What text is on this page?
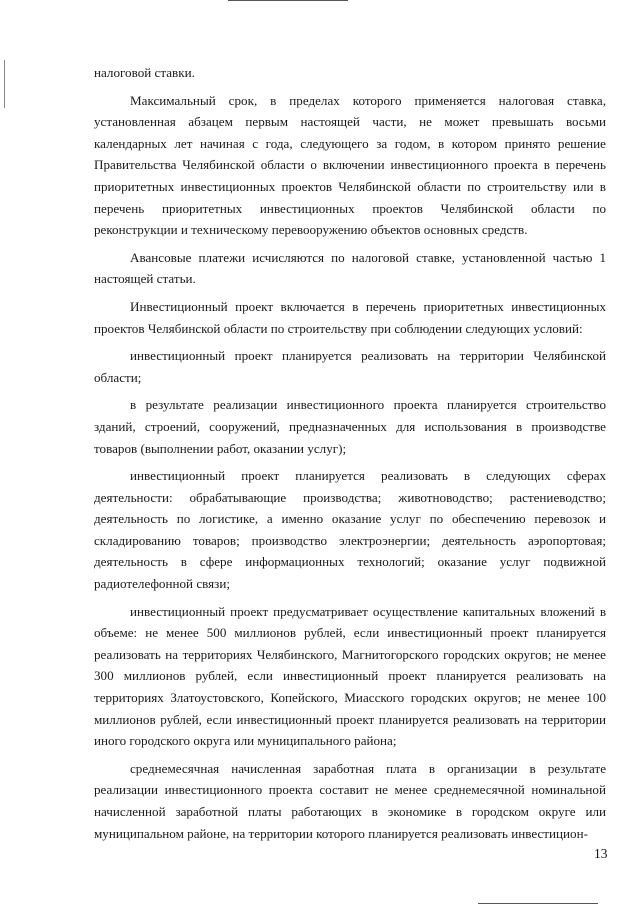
налоговой ставки.

Максимальный срок, в пределах которого применяется налоговая ставка, установленная абзацем первым настоящей части, не может превышать восьми календарных лет начиная с года, следующего за годом, в котором принято решение Правительства Челябинской области о включении инвестиционного проекта в перечень приоритетных инвестиционных проектов Челябинской области по строительству или в перечень приоритетных инвестиционных проектов Челябинской области по реконструкции и техническому перевооружению объектов основных средств.

Авансовые платежи исчисляются по налоговой ставке, установленной частью 1 настоящей статьи.

Инвестиционный проект включается в перечень приоритетных инвестиционных проектов Челябинской области по строительству при соблюдении следующих условий:

инвестиционный проект планируется реализовать на территории Челябинской области;

в результате реализации инвестиционного проекта планируется строительство зданий, строений, сооружений, предназначенных для использования в производстве товаров (выполнении работ, оказании услуг);

инвестиционный проект планируется реализовать в следующих сферах деятельности: обрабатывающие производства; животноводство; растениеводство; деятельность по логистике, а именно оказание услуг по обеспечению перевозок и складированию товаров; производство электроэнергии; деятельность аэропортовая; деятельность в сфере информационных технологий; оказание услуг подвижной радиотелефонной связи;

инвестиционный проект предусматривает осуществление капитальных вложений в объеме: не менее 500 миллионов рублей, если инвестиционный проект планируется реализовать на территориях Челябинского, Магнитогорского городских округов; не менее 300 миллионов рублей, если инвестиционный проект планируется реализовать на территориях Златоустовского, Копейского, Миасского городских округов; не менее 100 миллионов рублей, если инвестиционный проект планируется реализовать на территории иного городского округа или муниципального района;

среднемесячная начисленная заработная плата в организации в результате реализации инвестиционного проекта составит не менее среднемесячной номинальной начисленной заработной платы работающих в экономике в городском округе или муниципальном районе, на территории которого планируется реализовать инвестицион-

13
